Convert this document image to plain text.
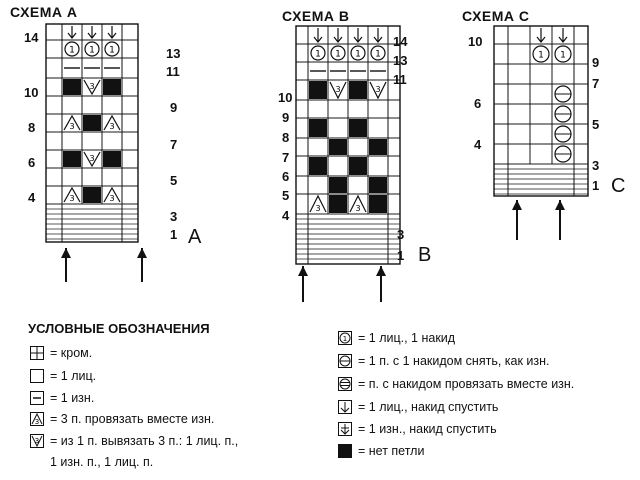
СХЕМА A
1 1 1
3
3	3
3
3	3
14
10
8
6
4
13
11
9
7
5
3
1 A
СХЕМА B
1 1 1 1
3	3
3	3
10
9
8
7
6
5
4
14
13
11
3
1 B
СХЕМА C
1 1
10
6
4
9
7
5
3
1 C
УСЛОВНЫЕ ОБОЗНАЧЕНИЯ
= кром.
= 1 лиц.
= 1 изн.
3 = 3 п. провязать вместе изн.
3 = из 1 п. вывязать 3 п.: 1 лиц. п.,
1 изн. п., 1 лиц. п.
1 = 1 лиц., 1 накид
= 1 п. с 1 накидом снять, как изн.
= п. с накидом провязать вместе изн.
= 1 лиц., накид спустить
= 1 изн., накид спустить
= нет петли
